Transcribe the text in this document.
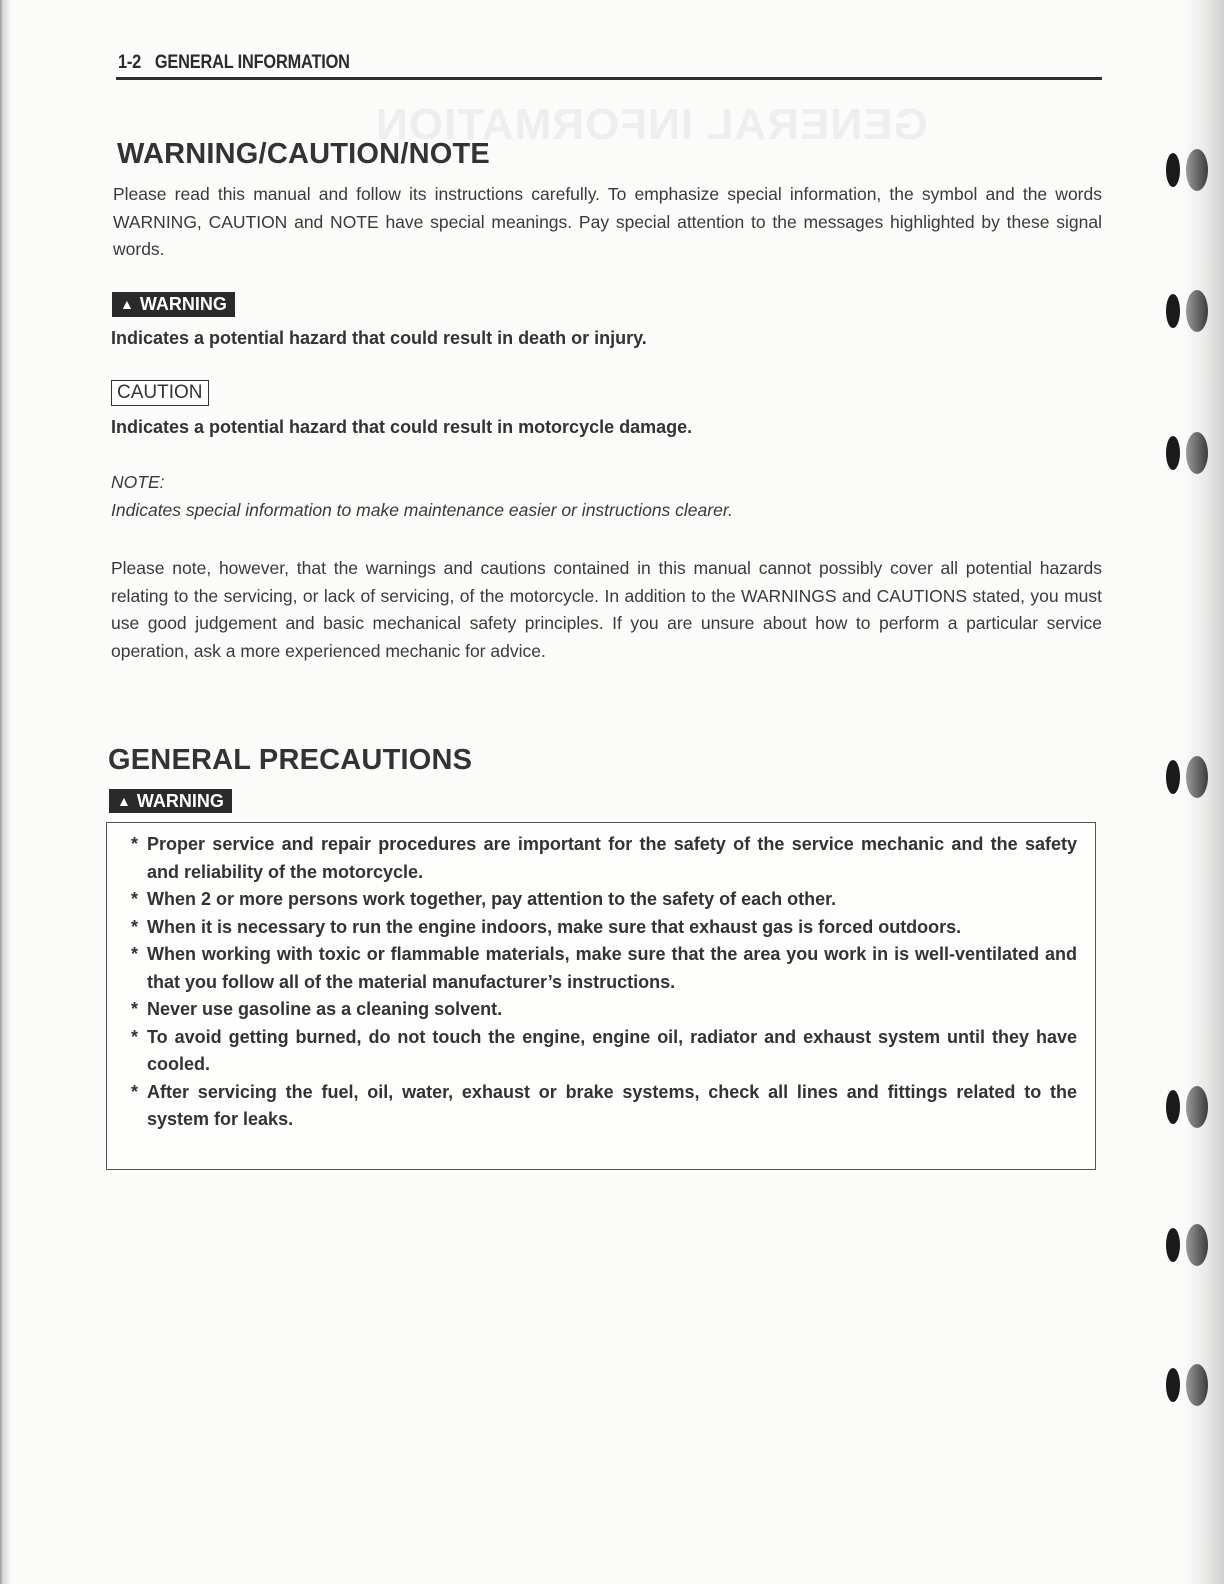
GENERAL INFORMATION
1-2 GENERAL INFORMATION
WARNING/CAUTION/NOTE

Please read this manual and follow its instructions carefully. To emphasize special information, the symbol and the words WARNING, CAUTION and NOTE have special meanings. Pay special attention to the messages highlighted by these signal words.

▲ WARNING

Indicates a potential hazard that could result in death or injury.

CAUTION

Indicates a potential hazard that could result in motorcycle damage.

NOTE:

Indicates special information to make maintenance easier or instructions clearer.

Please note, however, that the warnings and cautions contained in this manual cannot possibly cover all potential hazards relating to the servicing, or lack of servicing, of the motorcycle. In addition to the WARNINGS and CAUTIONS stated, you must use good judgement and basic mechanical safety principles. If you are unsure about how to perform a particular service operation, ask a more experienced mechanic for advice.

GENERAL PRECAUTIONS
▲ WARNING
* Proper service and repair procedures are important for the safety of the service mechanic and the safety and reliability of the motorcycle.
* When 2 or more persons work together, pay attention to the safety of each other.
* When it is necessary to run the engine indoors, make sure that exhaust gas is forced outdoors.
* When working with toxic or flammable materials, make sure that the area you work in is well-ventilated and that you follow all of the material manufacturer’s instructions.
* Never use gasoline as a cleaning solvent.
* To avoid getting burned, do not touch the engine, engine oil, radiator and exhaust system until they have cooled.
* After servicing the fuel, oil, water, exhaust or brake systems, check all lines and fittings related to the system for leaks.
